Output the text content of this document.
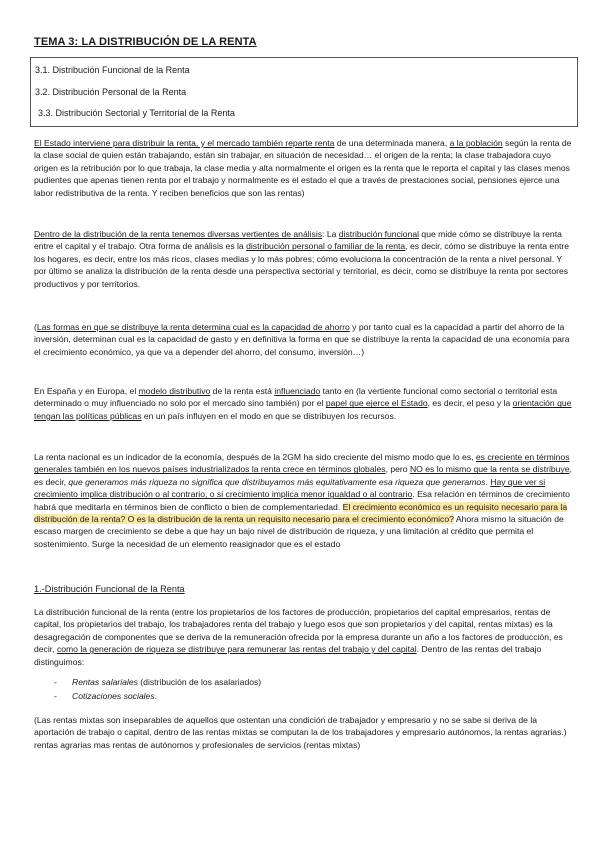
TEMA 3: LA DISTRIBUCIÓN DE LA RENTA
3.1. Distribución Funcional de la Renta
3.2. Distribución Personal de la Renta
3.3. Distribución Sectorial y Territorial de la Renta

El Estado interviene para distribuir la renta, y el mercado también reparte renta de una determinada manera, a la población según la renta de la clase social de quien están trabajando, están sin trabajar, en situación de necesidad… el origen de la renta; la clase trabajadora cuyo origen es la retribución por lo que trabaja, la clase media y alta normalmente el origen es la renta que le reporta el capital y las clases menos pudientes que apenas tienen renta por el trabajo y normalmente es el estado el que a través de prestaciones social, pensiones ejerce una labor redistributiva de la renta. Y reciben beneficios que son las rentas)

Dentro de la distribución de la renta tenemos diversas vertientes de análisis: La distribución funcional que mide cómo se distribuye la renta entre el capital y el trabajo. Otra forma de análisis es la distribución personal o familiar de la renta, es decir, cómo se distribuye la renta entre los hogares, es decir, entre los más ricos, clases medias y lo más pobres; cómo evoluciona la concentración de la renta a nivel personal. Y por último se analiza la distribución de la renta desde una perspectiva sectorial y territorial, es decir, como se distribuye la renta por sectores productivos y por territorios.

(Las formas en que se distribuye la renta determina cual es la capacidad de ahorro y por tanto cual es la capacidad a partir del ahorro de la inversión, determinan cual es la capacidad de gasto y en definitiva la forma en que se distribuye la renta la capacidad de una economía para el crecimiento económico, ya que va a depender del ahorro, del consumo, inversión…)

En España y en Europa, el modelo distributivo de la renta está influenciado tanto en (la vertiente funcional como sectorial o territorial esta determinado o muy influenciado no solo por el mercado sino también) por el papel que ejerce el Estado, es decir, el peso y la orientación que tengan las políticas públicas en un país influyen en el modo en que se distribuyen los recursos.

La renta nacional es un indicador de la economía, después de la 2GM ha sido creciente del mismo modo que lo es, es creciente en términos generales también en los nuevos países industrializados la renta crece en términos globales, pero NO es lo mismo que la renta se distribuye, es decir, que generamos más riqueza no significa que distribuyamos más equitativamente esa riqueza que generamos. Hay que ver si crecimiento implica distribución o al contrario, o si crecimiento implica menor igualdad o al contrario. Esa relación en términos de crecimiento habrá que meditarla en términos bien de conflicto o bien de complementariedad. El crecimiento económico es un requisito necesario para la distribución de la renta? O es la distribución de la renta un requisito necesario para el crecimiento económico? Ahora mismo la situación de escaso margen de crecimiento se debe a que hay un bajo nivel de distribución de riqueza, y una limitación al crédito que permita el sostenimiento. Surge la necesidad de un elemento reasignador que es el estado

1.-Distribución Funcional de la Renta

La distribución funcional de la renta (entre los propietarios de los factores de producción, propietarios del capital empresarios, rentas de capital, los propietarios del trabajo, los trabajadores renta del trabajo y luego esos que son propietarios y del capital, rentas mixtas) es la desagregación de componentes que se deriva de la remuneración ofrecida por la empresa durante un año a los factores de producción, es decir, como la generación de riqueza se distribuye para remunerar las rentas del trabajo y del capital. Dentro de las rentas del trabajo distinguimos:

-	Rentas salariales (distribución de los asalariados)
-	Cotizaciones sociales.

(Las rentas mixtas son inseparables de aquellos que ostentan una condición de trabajador y empresario y no se sabe si deriva de la aportación de trabajo o capital, dentro de las rentas mixtas se computan la de los trabajadores y empresario autónomos, la rentas agrarias.) rentas agrarias mas rentas de autónomos y profesionales de servicios (rentas mixtas)
